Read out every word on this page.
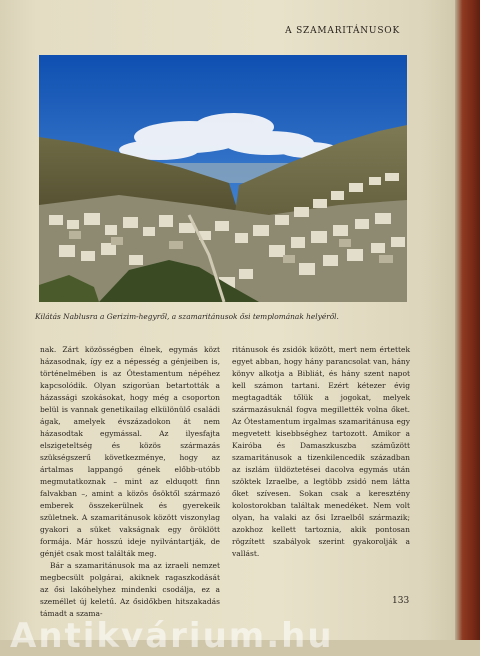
A SZAMARITÁNUSOK
Kilátás Nablusra a Gerizim-hegyről, a szamaritánusok ősi templomának helyéről.

nak. Zárt közösségben élnek, egymás közt házasodnak, így ez a népesség a génjeiben is, történelmében is az Ótestamentum népéhez kapcsolódik. Olyan szigorúan betartották a házassági szokásokat, hogy még a csoporton belül is vannak genetikailag elkülönülő családi ágak, amelyek évszázadokon át nem házasodtak egymással. Az ilyesfajta elszigeteltség és közös származás szükségszerű következménye, hogy az ártalmas lappangó gének előbb-utóbb megmutatkoznak – mint az elduqott finn falvakban –, amint a közös ősöktől származó emberek összekerülnek és gyerekeik születnek. A szamaritánusok között viszonylag gyakori a süket vakságnak egy öröklött formája. Már hosszú ideje nyilvántartják, de génjét csak most találták meg.

Bár a szamaritánusok ma az izraeli nemzet megbecsült polgárai, akiknek ragaszkodását az ősi lakóhelyhez mindenki csodálja, ez a személlet új keletű. Az ősidőkben hitszakadás támadt a szama-

ritánusok és zsidók között, mert nem értettek egyet abban, hogy hány parancsolat van, hány könyv alkotja a Bibliát, és hány szent napot kell számon tartani. Ezért kétezer évig megtagadták tőlük a jogokat, melyek származásuknál fogva megillették volna őket. Az Ótestamentum irgalmas szamaritánusa egy megvetett kisebbséghez tartozott. Amikor a Kairóba és Damaszkuszba száműzött szamaritánusok a tizenkilencedik században az iszlám üldöztetései dacolva egymás után szöktek Izraelbe, a legtöbb zsidó nem látta őket szívesen. Sokan csak a keresztény kolostorokban találtak menedéket. Nem volt olyan, ha valaki az ősi Izraelből származik; azokhoz kellett tartoznia, akik pontosan rögzített szabályok szerint gyakorolják a vallást.

133
Antikvárium.hu
